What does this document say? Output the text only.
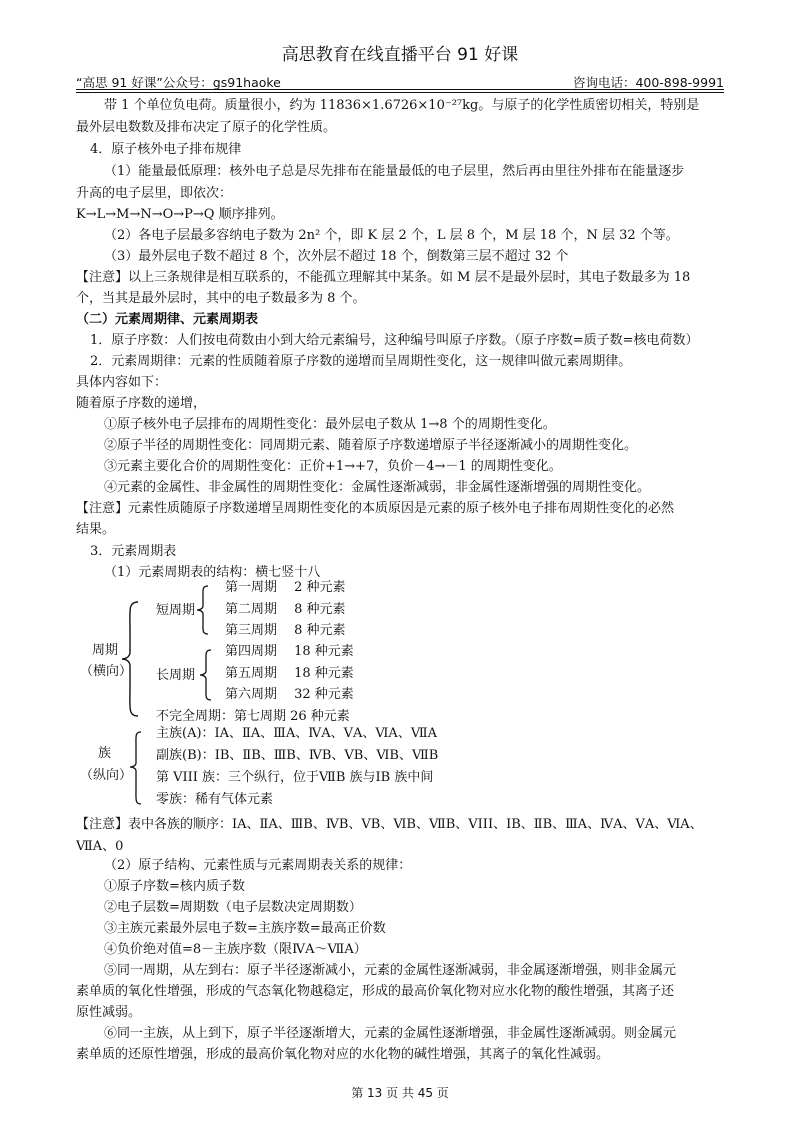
高思教育在线直播平台 91 好课
“高思 91 好课”公众号：gs91haoke	咨询电话：400-898-9991
带 1 个单位负电荷。质量很小，约为 11836×1.6726×10⁻²⁷kg。与原子的化学性质密切相关，特别是
最外层电数数及排布决定了原子的化学性质。
4．原子核外电子排布规律
（1）能量最低原理：核外电子总是尽先排布在能量最低的电子层里，然后再由里往外排布在能量逐步
升高的电子层里，即依次：
K→L→M→N→O→P→Q 顺序排列。
（2）各电子层最多容纳电子数为 2n² 个，即 K 层 2 个，L 层 8 个，M 层 18 个，N 层 32 个等。
（3）最外层电子数不超过 8 个，次外层不超过 18 个，倒数第三层不超过 32 个
【注意】以上三条规律是相互联系的，不能孤立理解其中某条。如 M 层不是最外层时，其电子数最多为 18
个，当其是最外层时，其中的电子数最多为 8 个。
（二）元素周期律、元素周期表
1．原子序数：人们按电荷数由小到大给元素编号，这种编号叫原子序数。（原子序数=质子数=核电荷数）
2．元素周期律：元素的性质随着原子序数的递增而呈周期性变化，这一规律叫做元素周期律。
具体内容如下：
随着原子序数的递增，
①原子核外电子层排布的周期性变化：最外层电子数从 1→8 个的周期性变化。
②原子半径的周期性变化：同周期元素、随着原子序数递增原子半径逐渐减小的周期性变化。
③元素主要化合价的周期性变化：正价+1→+7，负价－4→－1 的周期性变化。
④元素的金属性、非金属性的周期性变化：金属性逐渐减弱，非金属性逐渐增强的周期性变化。
【注意】元素性质随原子序数递增呈周期性变化的本质原因是元素的原子核外电子排布周期性变化的必然
结果。
3．元素周期表
（1）元素周期表的结构：横七竖十八
周期
（横向）
短周期
第一周期　 2 种元素
第二周期　 8 种元素
第三周期　 8 种元素
长周期
第四周期　 18 种元素
第五周期　 18 种元素
第六周期　 32 种元素
不完全周期：第七周期 26 种元素
族
（纵向）
主族(A)：ⅠA、ⅡA、ⅢA、ⅣA、ⅤA、ⅥA、ⅦA
副族(B)：ⅠB、ⅡB、ⅢB、ⅣB、ⅤB、ⅥB、ⅦB
第 VIII 族：三个纵行，位于ⅦB 族与ⅠB 族中间
零族：稀有气体元素
【注意】表中各族的顺序：ⅠA、ⅡA、ⅢB、ⅣB、ⅤB、ⅥB、ⅦB、VIII、ⅠB、ⅡB、ⅢA、ⅣA、ⅤA、ⅥA、ⅦA、0
（2）原子结构、元素性质与元素周期表关系的规律：
①原子序数=核内质子数
②电子层数=周期数（电子层数决定周期数）
③主族元素最外层电子数=主族序数=最高正价数
④负价绝对值=8－主族序数（限ⅣA～ⅦA）
⑤同一周期，从左到右：原子半径逐渐减小，元素的金属性逐渐减弱，非金属逐渐增强，则非金属元
素单质的氧化性增强，形成的气态氧化物越稳定，形成的最高价氧化物对应水化物的酸性增强，其离子还
原性减弱。
⑥同一主族，从上到下，原子半径逐渐增大，元素的金属性逐渐增强，非金属性逐渐减弱。则金属元
素单质的还原性增强，形成的最高价氧化物对应的水化物的碱性增强，其离子的氧化性减弱。
第 13 页 共 45 页
